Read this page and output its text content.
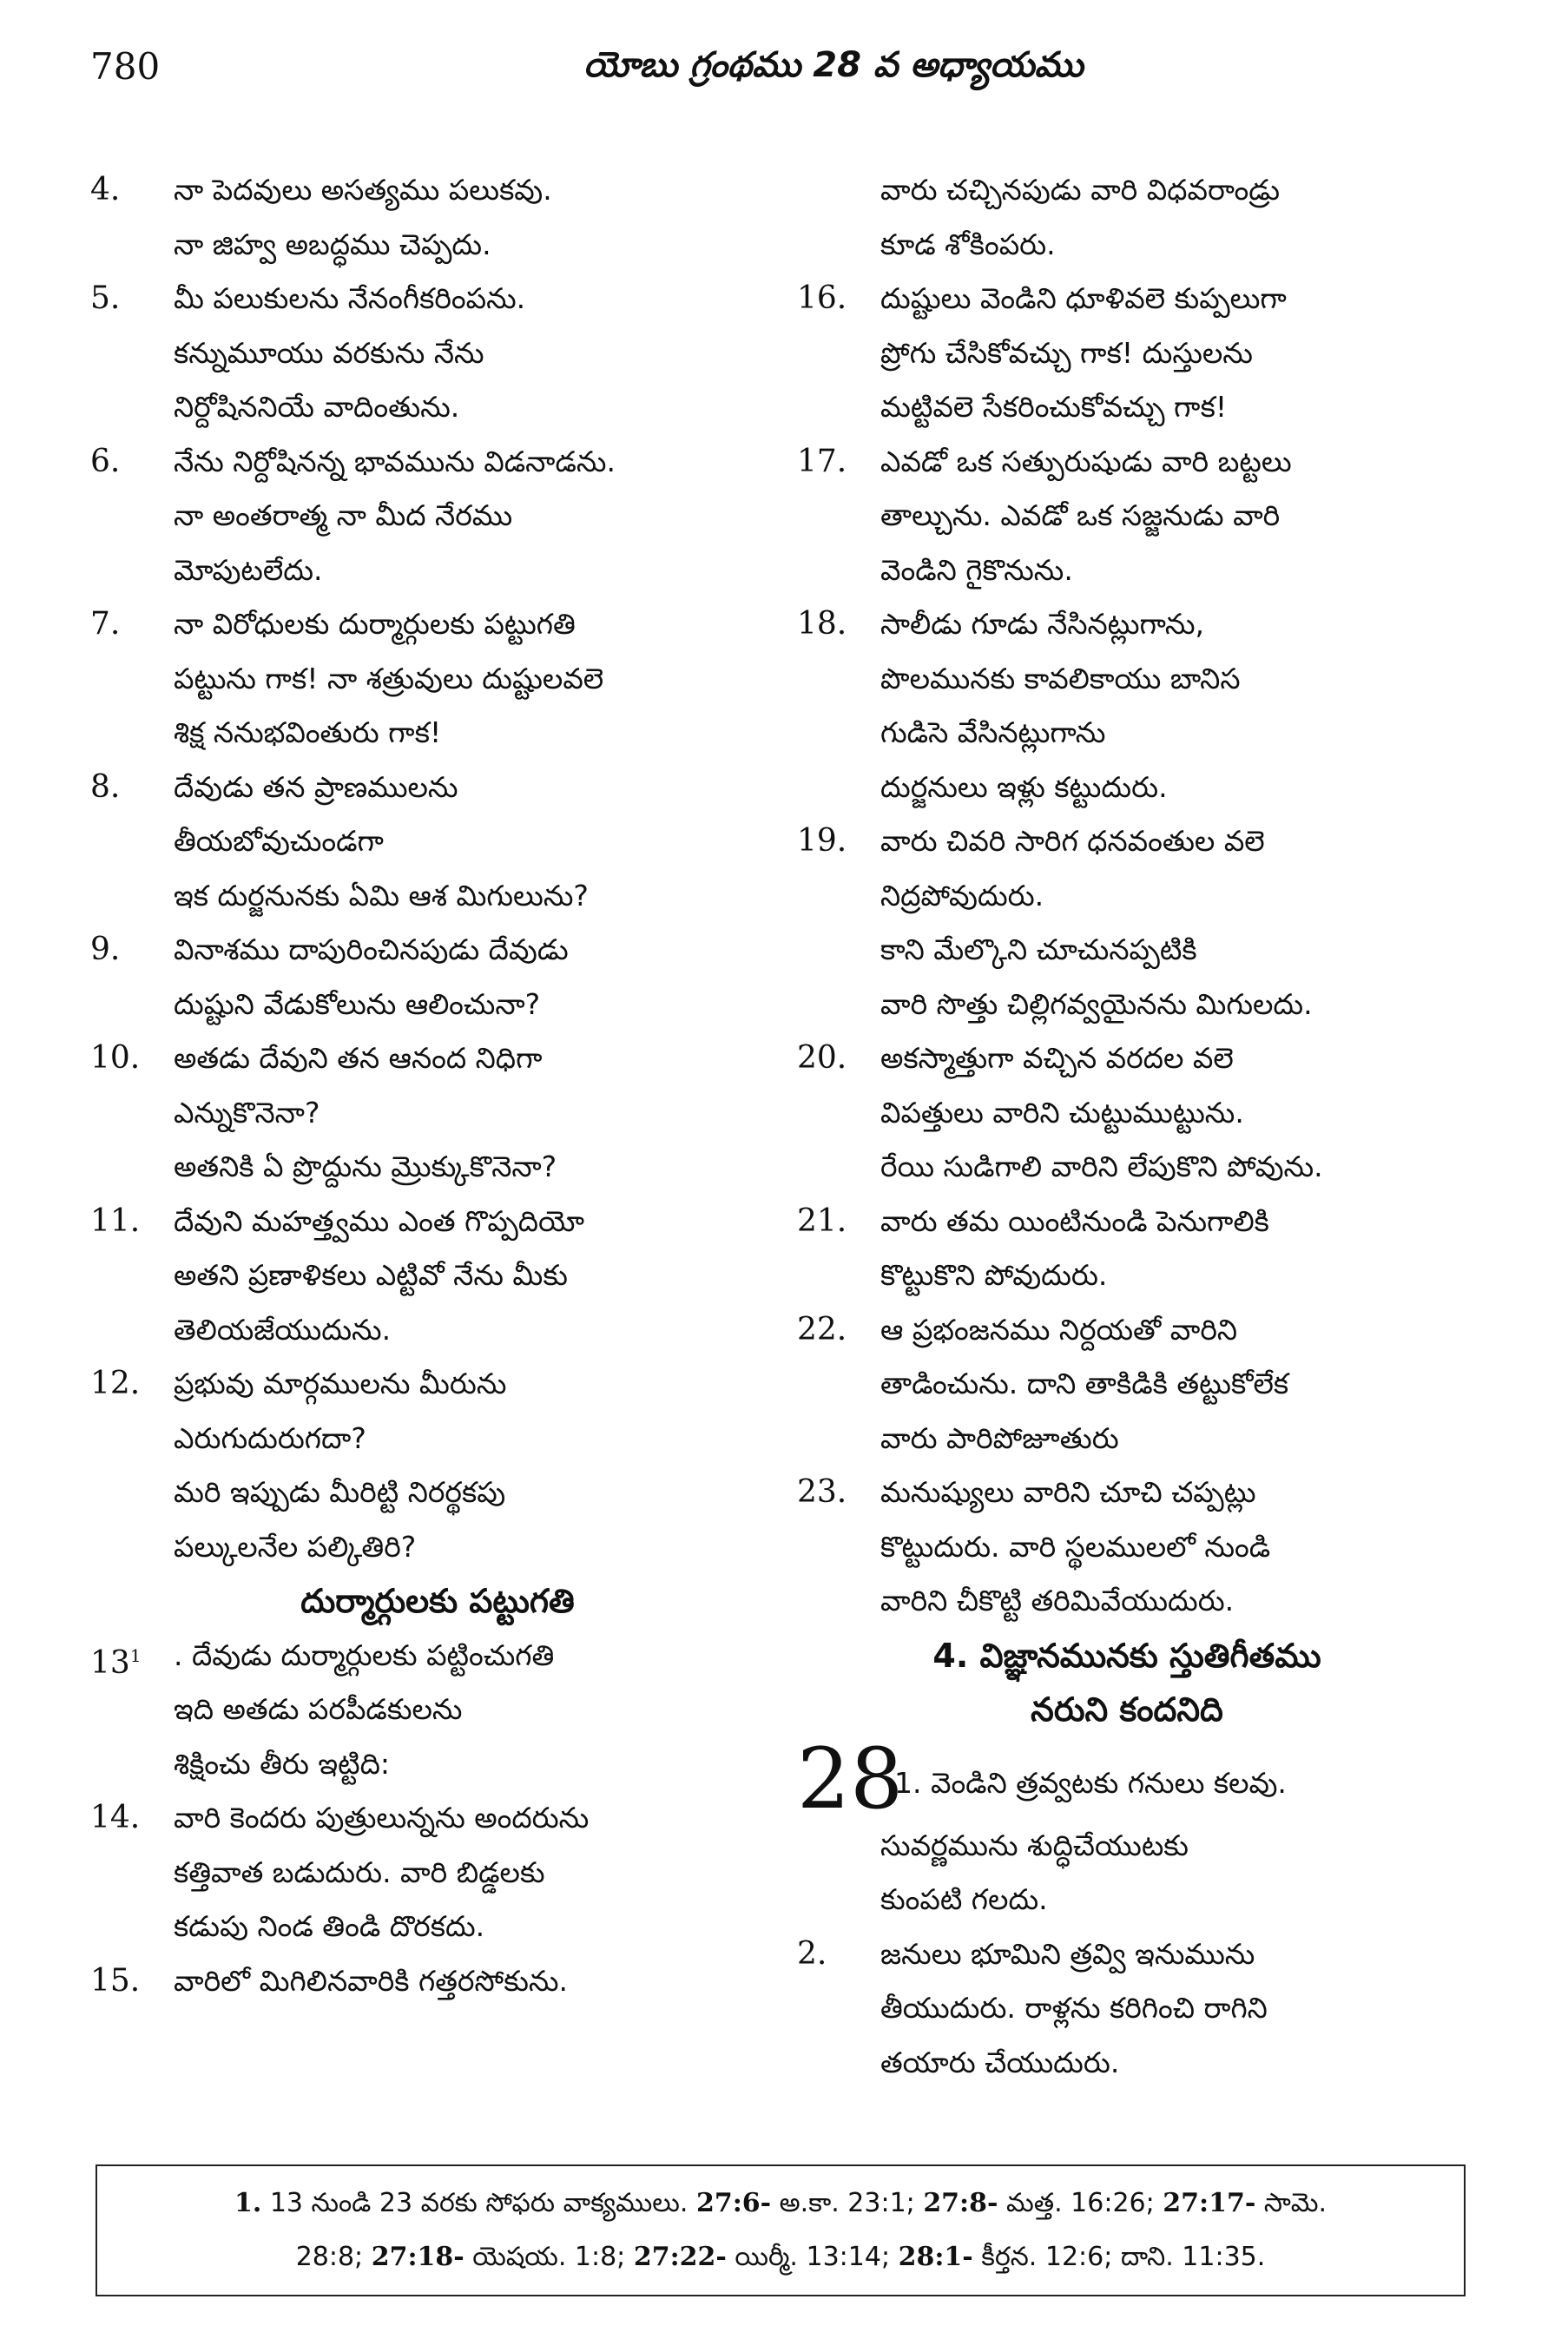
780	యోబు గ్రంథము 28 వ అధ్యాయము
4.	నా పెదవులు అసత్యము పలుకవు.
నా జిహ్వ అబద్ధము చెప్పదు.
5.	మీ పలుకులను నేనంగీకరింపను.
కన్నుమూయు వరకును నేను
నిర్దోషిననియే వాదింతును.
6.	నేను నిర్దోషినన్న భావమును విడనాడను.
నా అంతరాత్మ నా మీద నేరము
మోపుటలేదు.
7.	నా విరోధులకు దుర్మార్గులకు పట్టుగతి
పట్టును గాక! నా శత్రువులు దుష్టులవలె
శిక్ష ననుభవింతురు గాక!
8.	దేవుడు తన ప్రాణములను
తీయబోవుచుండగా
ఇక దుర్జనునకు ఏమి ఆశ మిగులును?
9.	వినాశము దాపురించినపుడు దేవుడు
దుష్టుని వేడుకోలును ఆలించునా?
10.	అతడు దేవుని తన ఆనంద నిధిగా
ఎన్నుకొనెనా?
అతనికి ఏ ప్రొద్దును మ్రొక్కుకొనెనా?
11.	దేవుని మహత్త్వము ఎంత గొప్పదియో
అతని ప్రణాళికలు ఎట్టివో నేను మీకు
తెలియజేయుదును.
12.	ప్రభువు మార్గములను మీరును
ఎరుగుదురుగదా?
మరి ఇప్పుడు మీరిట్టి నిరర్థకపు
పల్కులనేల పల్కితిరి?
దుర్మార్గులకు పట్టుగతి
$13^1$	. దేవుడు దుర్మార్గులకు పట్టించుగతి
ఇది అతడు పరపీడకులను
శిక్షించు తీరు ఇట్టిది:
14.	వారి కెందరు పుత్రులున్నను అందరును
కత్తివాత బడుదురు. వారి బిడ్డలకు
కడుపు నిండ తిండి దొరకదు.
15.	వారిలో మిగిలినవారికి గత్తరసోకును.
వారు చచ్చినపుడు వారి విధవరాండ్రు
కూడ శోకింపరు.
16.	దుష్టులు వెండిని ధూళివలె కుప్పలుగా
ప్రోగు చేసికోవచ్చు గాక! దుస్తులను
మట్టివలె సేకరించుకోవచ్చు గాక!
17.	ఎవడో ఒక సత్పురుషుడు వారి బట్టలు
తాల్చును. ఎవడో ఒక సజ్జనుడు వారి
వెండిని గైకొనును.
18.	సాలీడు గూడు నేసినట్లుగాను,
పొలమునకు కావలికాయు బానిస
గుడిసె వేసినట్లుగాను
దుర్జనులు ఇళ్లు కట్టుదురు.
19.	వారు చివరి సారిగ ధనవంతుల వలె
నిద్రపోవుదురు.
కాని మేల్కొని చూచునప్పటికి
వారి సొత్తు చిల్లిగవ్వయైనను మిగులదు.
20.	అకస్మాత్తుగా వచ్చిన వరదల వలె
విపత్తులు వారిని చుట్టుముట్టును.
రేయి సుడిగాలి వారిని లేపుకొని పోవును.
21.	వారు తమ యింటినుండి పెనుగాలికి
కొట్టుకొని పోవుదురు.
22.	ఆ ప్రభంజనము నిర్దయతో వారిని
తాడించును. దాని తాకిడికి తట్టుకోలేక
వారు పారిపోజూతురు
23.	మనుష్యులు వారిని చూచి చప్పట్లు
కొట్టుదురు. వారి స్థలములలో నుండి
వారిని చీకొట్టి తరిమివేయుదురు.
4. విజ్ఞానమునకు స్తుతిగీతము
నరుని కందనిది
28
1. వెండిని త్రవ్వటకు గనులు కలవు.
సువర్ణమును శుద్ధిచేయుటకు
కుంపటి గలదు.
2.	జనులు భూమిని త్రవ్వి ఇనుమును
తీయుదురు. రాళ్లను కరిగించి రాగిని
తయారు చేయుదురు.
1. 13 నుండి 23 వరకు సోఫరు వాక్యములు. 27:6- అ.కా. 23:1; 27:8- మత్త. 16:26; 27:17- సామె.
28:8; 27:18- యెషయ. 1:8; 27:22- యిర్మీ. 13:14; 28:1- కీర్తన. 12:6; దాని. 11:35.
